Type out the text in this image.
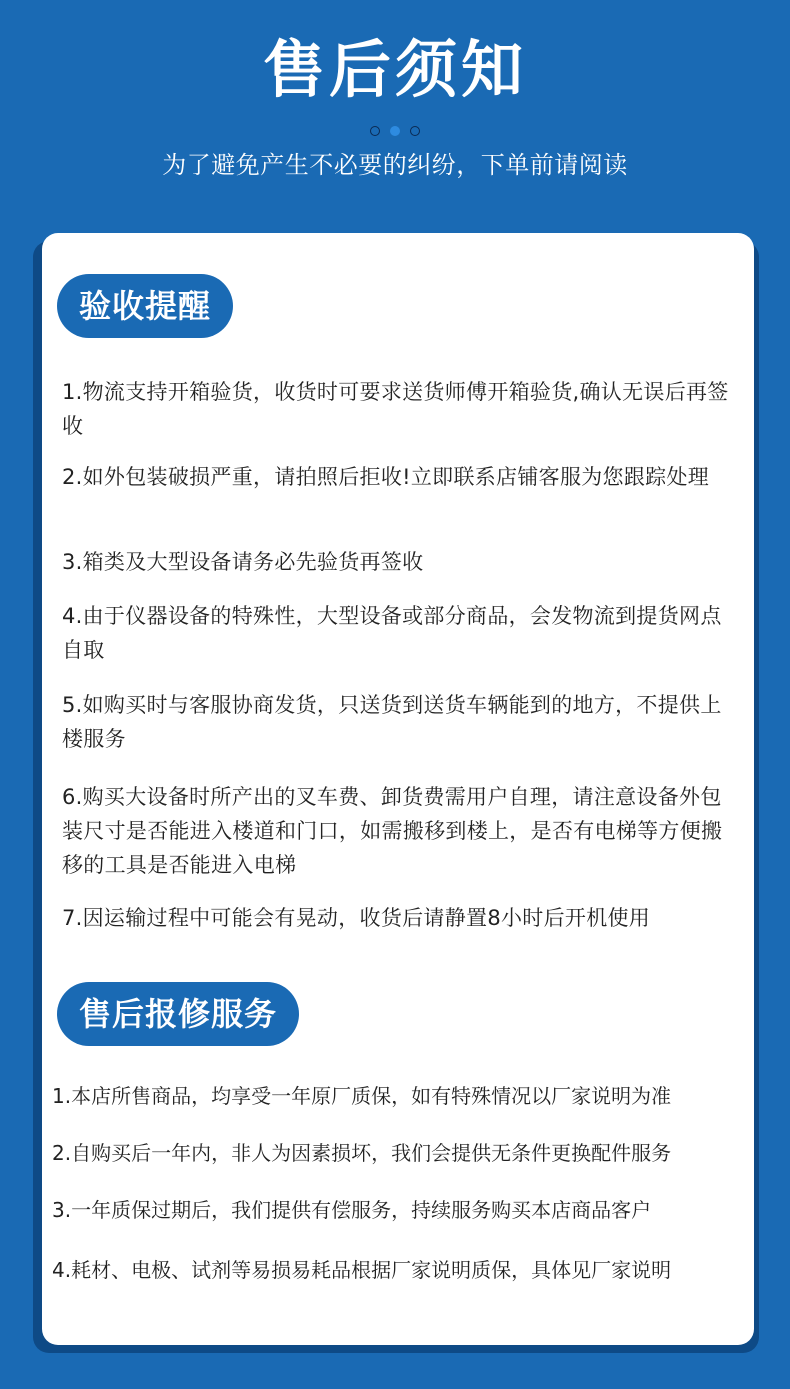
售后须知
为了避免产生不必要的纠纷，下单前请阅读
验收提醒
1.物流支持开箱验货，收货时可要求送货师傅开箱验货,确认无误后再签收
2.如外包装破损严重，请拍照后拒收!立即联系店铺客服为您跟踪处理
3.箱类及大型设备请务必先验货再签收
4.由于仪器设备的特殊性，大型设备或部分商品，会发物流到提货网点自取
5.如购买时与客服协商发货，只送货到送货车辆能到的地方，不提供上楼服务
6.购买大设备时所产出的叉车费、卸货费需用户自理，请注意设备外包装尺寸是否能进入楼道和门口，如需搬移到楼上，是否有电梯等方便搬移的工具是否能进入电梯
7.因运输过程中可能会有晃动，收货后请静置8小时后开机使用
售后报修服务
1.本店所售商品，均享受一年原厂质保，如有特殊情况以厂家说明为准
2.自购买后一年内，非人为因素损坏，我们会提供无条件更换配件服务
3.一年质保过期后，我们提供有偿服务，持续服务购买本店商品客户
4.耗材、电极、试剂等易损易耗品根据厂家说明质保，具体见厂家说明
